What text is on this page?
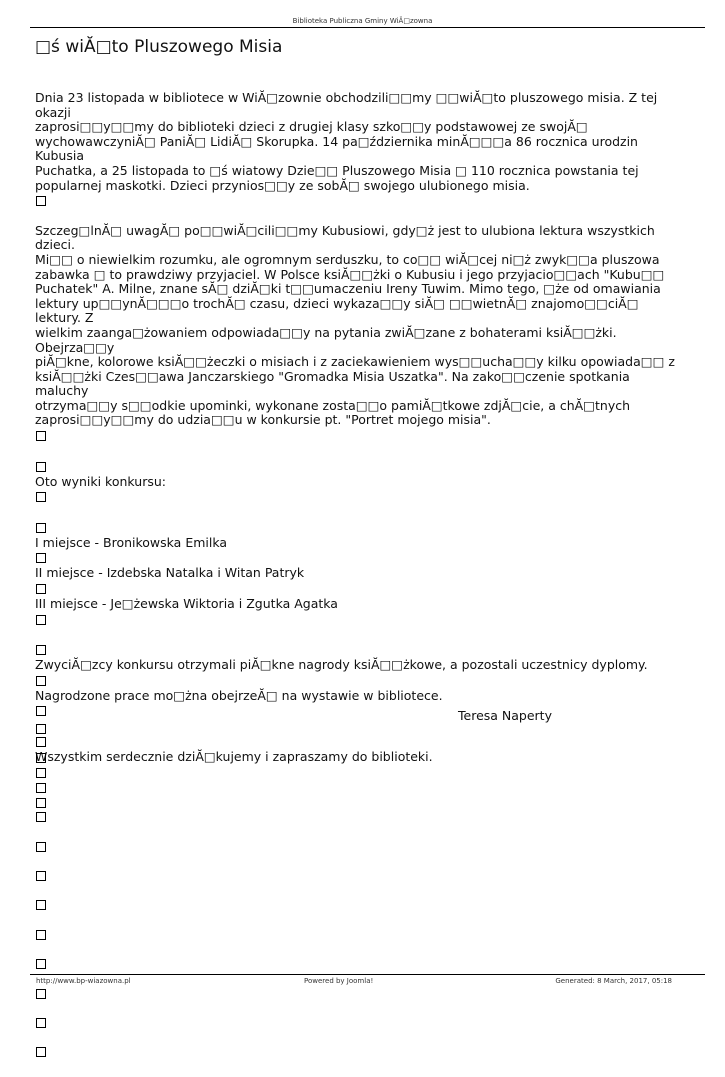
Biblioteka Publiczna Gminy WiĂ□zowna
□ś wiĂ□to Pluszowego Misia

Dnia 23 listopada w bibliotece w WiĂ□zownie obchodzili□□my □□wiĂ□to pluszowego misia. Z tej okazji
zaprosi□□y□□my do biblioteki dzieci z drugiej klasy szko□□y podstawowej ze swojĂ□
wychowawczyniĂ□ PaniĂ□ LidiĂ□ Skorupka. 14 pa□ździernika minĂ□□□a 86 rocznica urodzin Kubusia
Puchatka, a 25 listopada to □ś wiatowy Dzie□□ Pluszowego Misia □ 110 rocznica powstania tej
popularnej maskotki. Dzieci przynios□□y ze sobĂ□ swojego ulubionego misia.

Szczeg□lnĂ□ uwagĂ□ po□□wiĂ□cili□□my Kubusiowi, gdy□ż jest to ulubiona lektura wszystkich dzieci.
Mi□□ o niewielkim rozumku, ale ogromnym serduszku, to co□□ wiĂ□cej ni□ż zwyk□□a pluszowa
zabawka □ to prawdziwy przyjaciel. W Polsce ksiĂ□□żki o Kubusiu i jego przyjacio□□ach "Kubu□□
Puchatek" A. Milne, znane sĂ□ dziĂ□ki t□□umaczeniu Ireny Tuwim. Mimo tego, □że od omawiania
lektury up□□ynĂ□□□o trochĂ□ czasu, dzieci wykaza□□y siĂ□ □□wietnĂ□ znajomo□□ciĂ□ lektury. Z
wielkim zaanga□żowaniem odpowiada□□y na pytania zwiĂ□zane z bohaterami ksiĂ□□żki. Obejrza□□y
piĂ□kne, kolorowe ksiĂ□□żeczki o misiach i z zaciekawieniem wys□□ucha□□y kilku opowiada□□ z
ksiĂ□□żki Czes□□awa Janczarskiego "Gromadka Misia Uszatka". Na zako□□czenie spotkania maluchy
otrzyma□□y s□□odkie upominki, wykonane zosta□□o pamiĂ□tkowe zdjĂ□cie, a chĂ□tnych
zaprosi□□y□□my do udzia□□u w konkursie pt. "Portret mojego misia".

Oto wyniki konkursu:
I miejsce - Bronikowska Emilka
II miejsce - Izdebska Natalka i Witan Patryk
III miejsce - Je□żewska Wiktoria i Zgutka Agatka
ZwyciĂ□zcy konkursu otrzymali piĂ□kne nagrody ksiĂ□□żkowe, a pozostali uczestnicy dyplomy.
Nagrodzone prace mo□żna obejrzeĂ□ na wystawie w bibliotece.
Wszystkim serdecznie dziĂ□kujemy i zapraszamy do biblioteki.
Teresa Naperty
http://www.bp-wiazowna.pl	Powered by Joomla!	Generated: 8 March, 2017, 05:18
